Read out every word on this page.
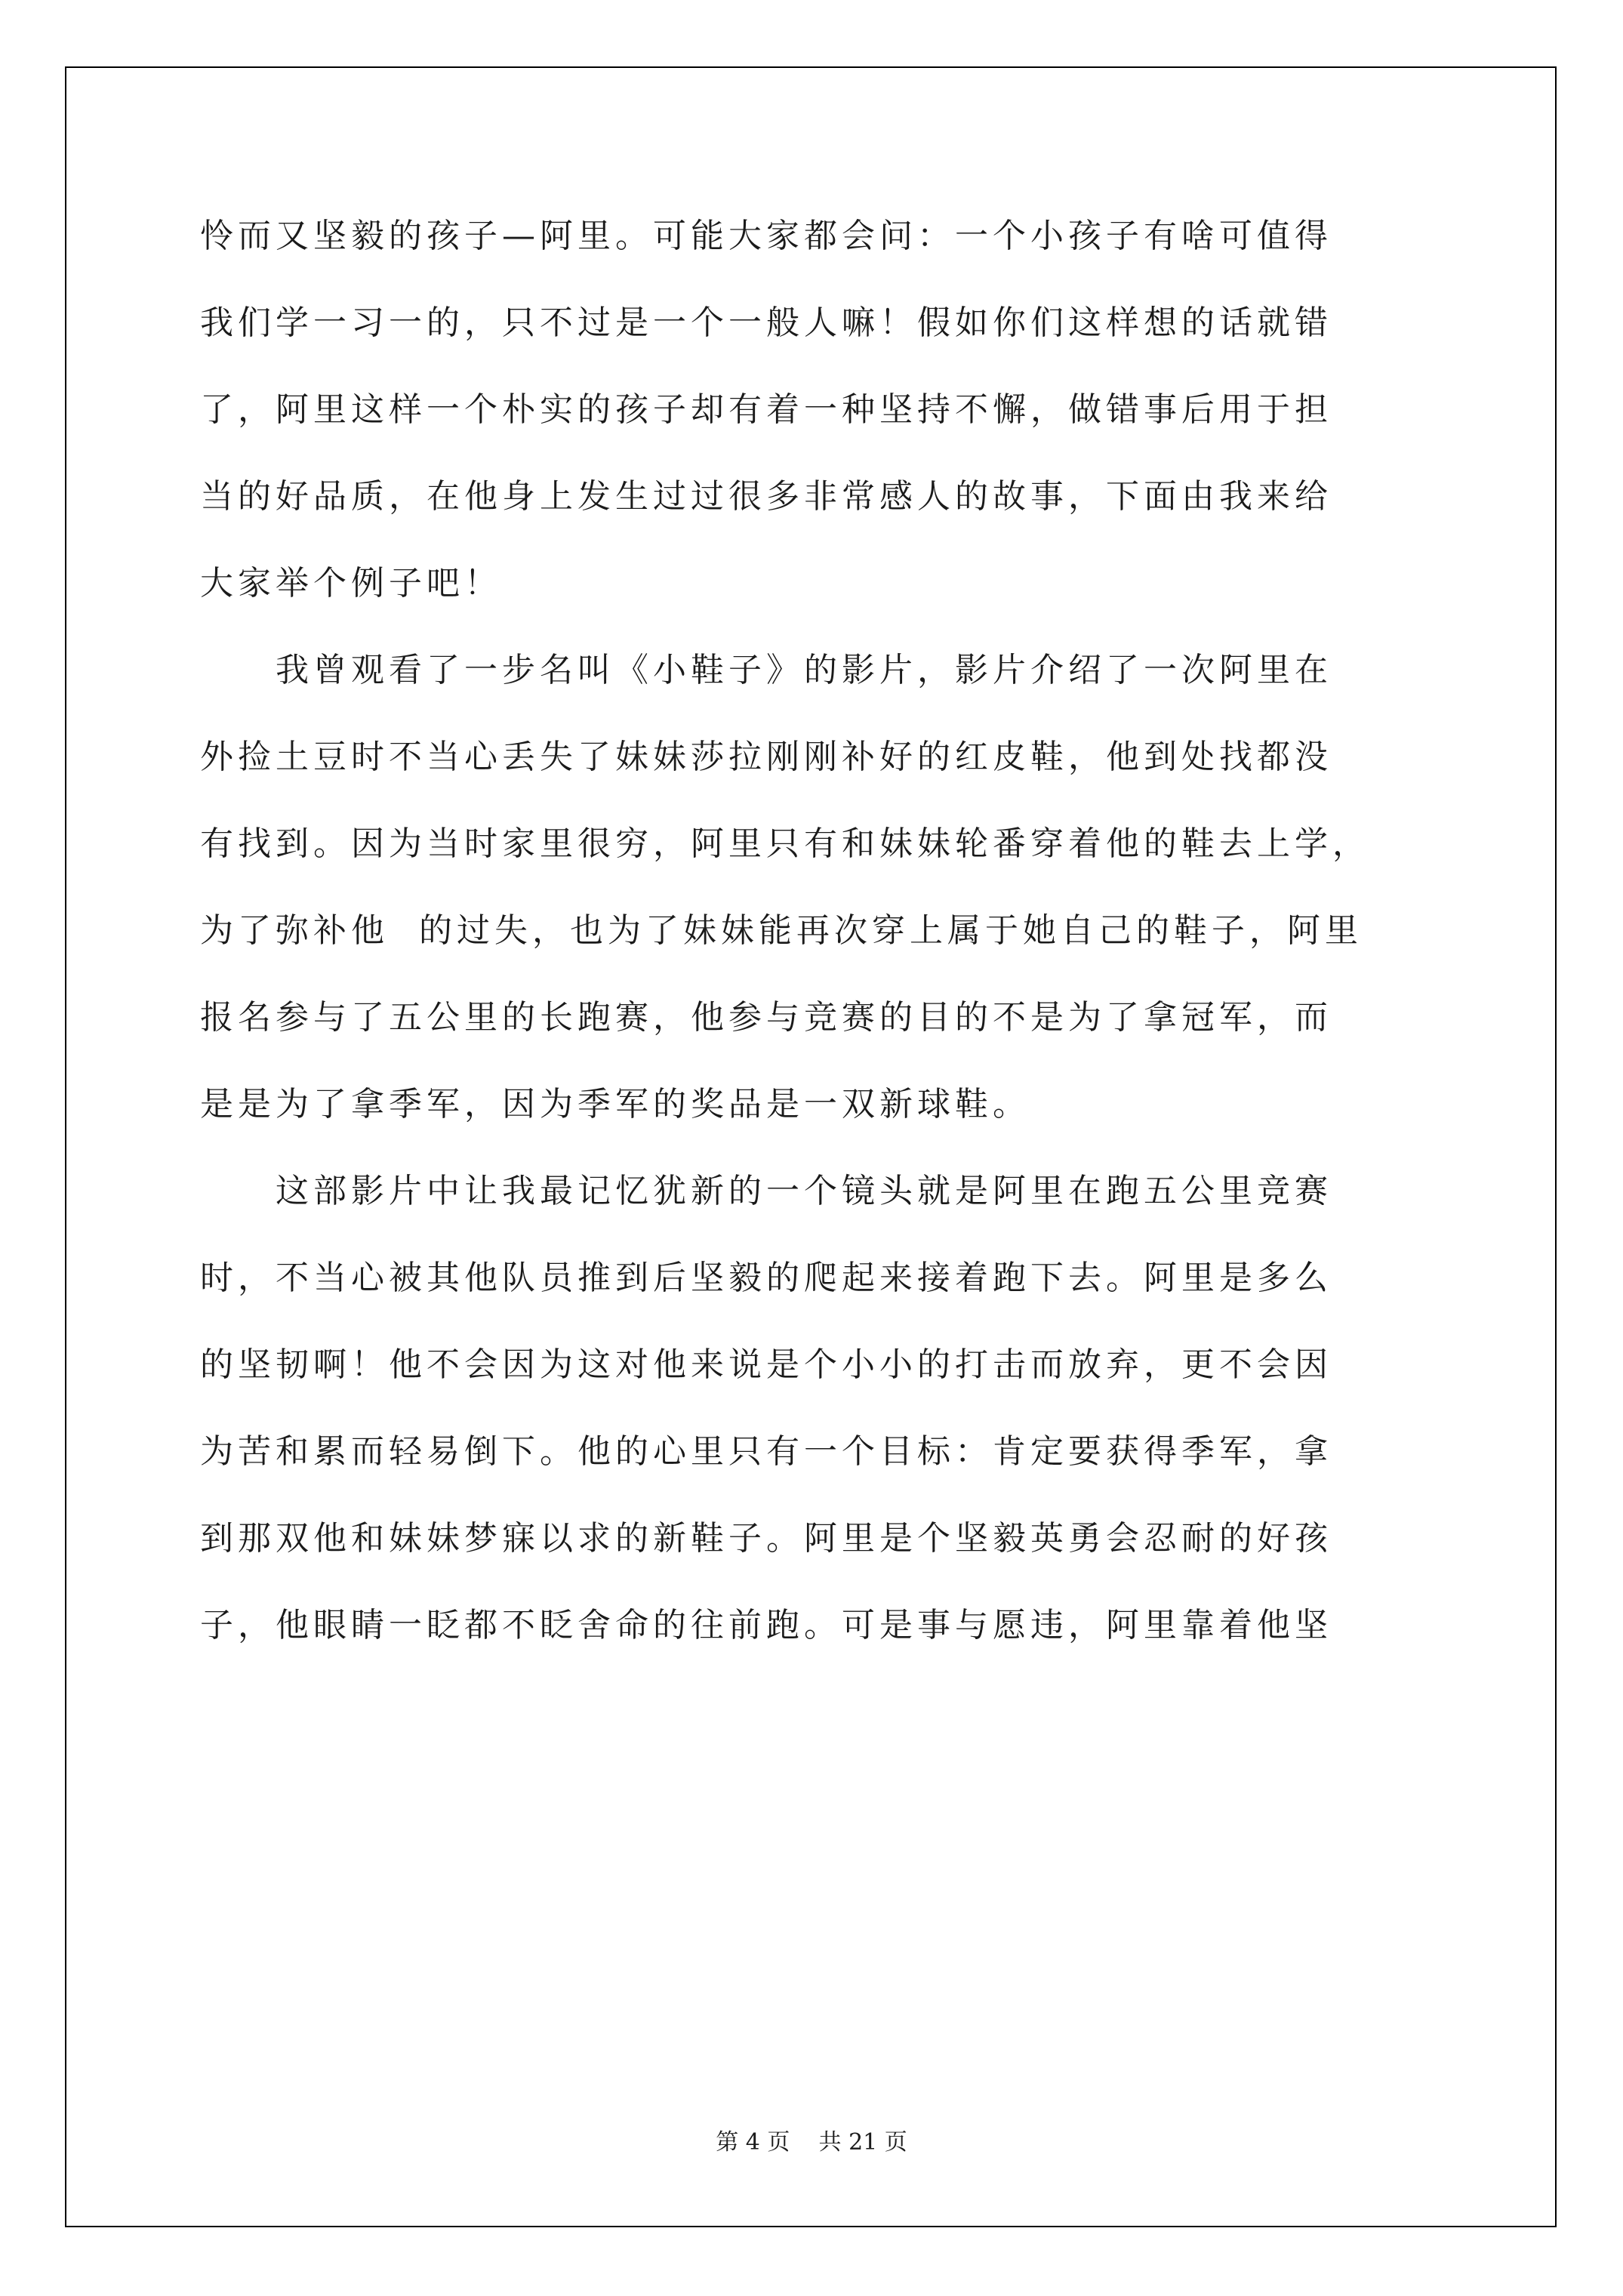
怜而又坚毅的孩子—阿里。可能大家都会问：一个小孩子有啥可值得
我们学一习一的，只不过是一个一般人嘛！假如你们这样想的话就错
了，阿里这样一个朴实的孩子却有着一种坚持不懈，做错事后用于担
当的好品质，在他身上发生过过很多非常感人的故事，下面由我来给
大家举个例子吧！
　　我曾观看了一步名叫《小鞋子》的影片，影片介绍了一次阿里在
外捡土豆时不当心丢失了妹妹莎拉刚刚补好的红皮鞋，他到处找都没
有找到。因为当时家里很穷，阿里只有和妹妹轮番穿着他的鞋去上学，
为了弥补他  的过失，也为了妹妹能再次穿上属于她自己的鞋子，阿里
报名参与了五公里的长跑赛，他参与竞赛的目的不是为了拿冠军，而
是是为了拿季军，因为季军的奖品是一双新球鞋。
　　这部影片中让我最记忆犹新的一个镜头就是阿里在跑五公里竞赛
时，不当心被其他队员推到后坚毅的爬起来接着跑下去。阿里是多么
的坚韧啊！他不会因为这对他来说是个小小的打击而放弃，更不会因
为苦和累而轻易倒下。他的心里只有一个目标：肯定要获得季军，拿
到那双他和妹妹梦寐以求的新鞋子。阿里是个坚毅英勇会忍耐的好孩
子，他眼睛一眨都不眨舍命的往前跑。可是事与愿违，阿里靠着他坚
第 4 页 共 21 页
